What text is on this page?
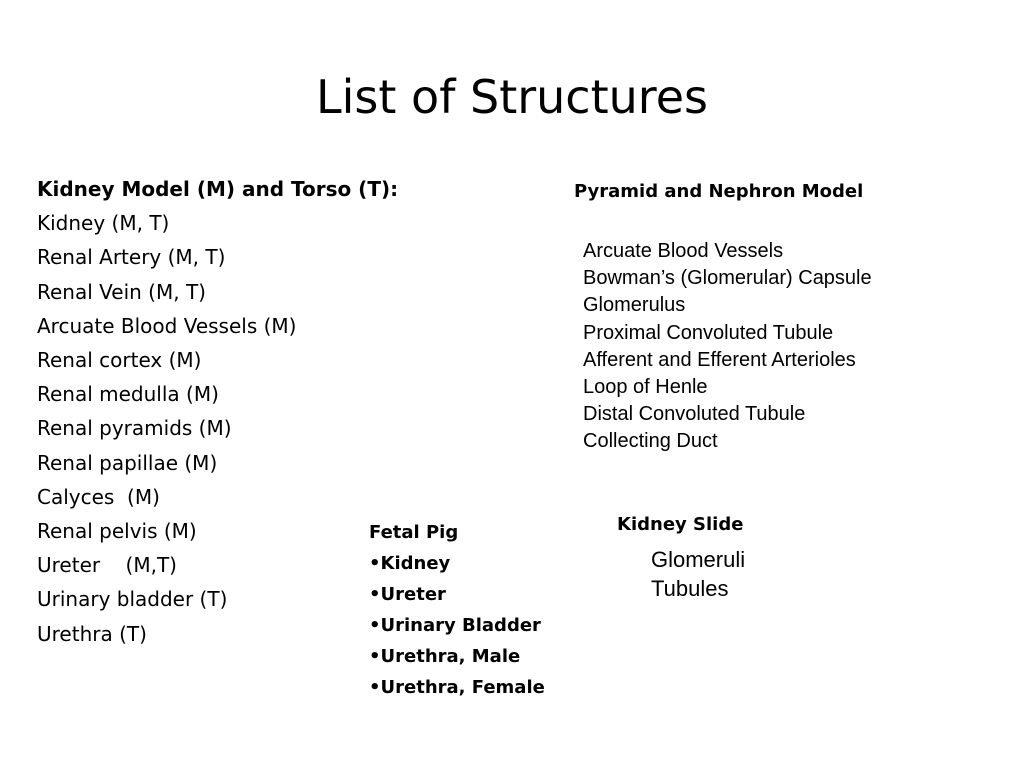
List of Structures
Kidney Model (M) and Torso (T):
Kidney (M, T)
Renal Artery (M, T)
Renal Vein (M, T)
Arcuate Blood Vessels (M)
Renal cortex (M)
Renal medulla (M)
Renal pyramids (M)
Renal papillae (M)
Calyces  (M)
Renal pelvis (M)
Ureter    (M,T)
Urinary bladder (T)
Urethra (T)
Pyramid and Nephron Model
Arcuate Blood Vessels
Bowman’s (Glomerular) Capsule
Glomerulus
Proximal Convoluted Tubule
Afferent and Efferent Arterioles
Loop of Henle
Distal Convoluted Tubule
Collecting Duct
Fetal Pig
•Kidney
•Ureter
•Urinary Bladder
•Urethra, Male
•Urethra, Female
Kidney Slide
Glomeruli
Tubules
